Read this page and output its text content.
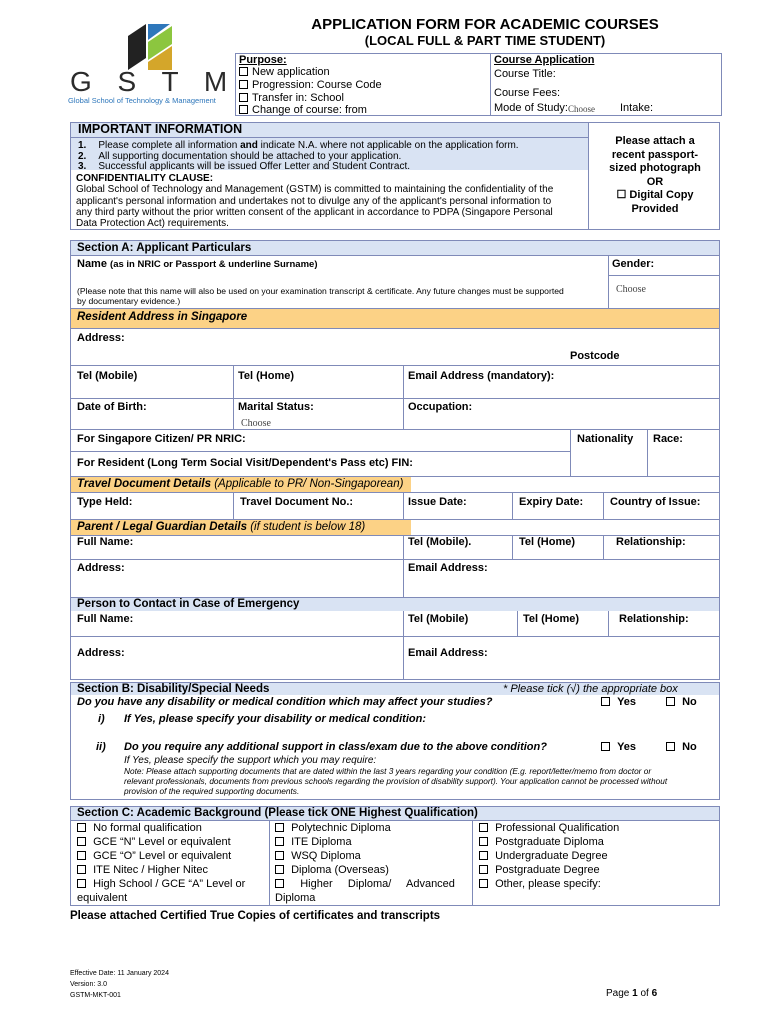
G S T M
Global School of Technology & Management
APPLICATION FORM FOR ACADEMIC COURSES
(LOCAL FULL & PART TIME STUDENT)
Purpose:
New application
Progression: Course Code
Transfer in: School
Change of course: from
Course Application
Course Title:
Course Fees:
Mode of Study: Choose Intake:
IMPORTANT INFORMATION
1. Please complete all information and indicate N.A. where not applicable on the application form.
2. All supporting documentation should be attached to your application.
3. Successful applicants will be issued Offer Letter and Student Contract.
CONFIDENTIALITY CLAUSE:
Global School of Technology and Management (GSTM) is committed to maintaining the confidentiality of the
applicant's personal information and undertakes not to divulge any of the applicant's personal information to
any third party without the prior written consent of the applicant in accordance to PDPA (Singapore Personal
Data Protection Act) requirements.
Please attach a
recent passport-
sized photograph
OR
☐ Digital Copy
Provided
Section A: Applicant Particulars
Name (as in NRIC or Passport & underline Surname)	Gender:
(Please note that this name will also be used on your examination transcript & certificate. Any future changes must be supported
by documentary evidence.)
Choose
Resident Address in Singapore
Address:
Postcode
Tel (Mobile)	Tel (Home)	Email Address (mandatory):
Date of Birth:	Marital Status:
Choose
Occupation:
For Singapore Citizen/ PR NRIC:	Nationality Race:
For Resident (Long Term Social Visit/Dependent's Pass etc) FIN:
Travel Document Details (Applicable to PR/ Non-Singaporean)
Type Held:	Travel Document No.:	Issue Date:	Expiry Date: Country of Issue:
Parent / Legal Guardian Details (if student is below 18)
Full Name:	Tel (Mobile).	Tel (Home)	Relationship:
Address:	Email Address:
Person to Contact in Case of Emergency
Full Name:	Tel (Mobile)	Tel (Home)	Relationship:
Address:	Email Address:
Section B: Disability/Special Needs	* Please tick (√) the appropriate box
Do you have any disability or medical condition which may affect your studies?	Yes	No
i) If Yes, please specify your disability or medical condition:
ii) Do you require any additional support in class/exam due to the above condition?	Yes	No
If Yes, please specify the support which you may require:
Note: Please attach supporting documents that are dated within the last 3 years regarding your condition (E.g. report/letter/memo from doctor or
relevant professionals, documents from previous schools regarding the provision of disability support). Your application cannot be processed without
provision of the required supporting documents.
Section C: Academic Background (Please tick ONE Highest Qualification)
No formal qualification
GCE “N” Level or equivalent
GCE “O” Level or equivalent
ITE Nitec / Higher Nitec
High School / GCE “A” Level or
equivalent
Polytechnic Diploma
ITE Diploma
WSQ Diploma
Diploma (Overseas)
Higher     Diploma/     Advanced
Diploma
Professional Qualification
Postgraduate Diploma
Undergraduate Degree
Postgraduate Degree
Other, please specify:
Please attached Certified True Copies of certificates and transcripts
Effective Date: 11 January 2024
Version: 3.0
GSTM-MKT-001	Page 1 of 6
